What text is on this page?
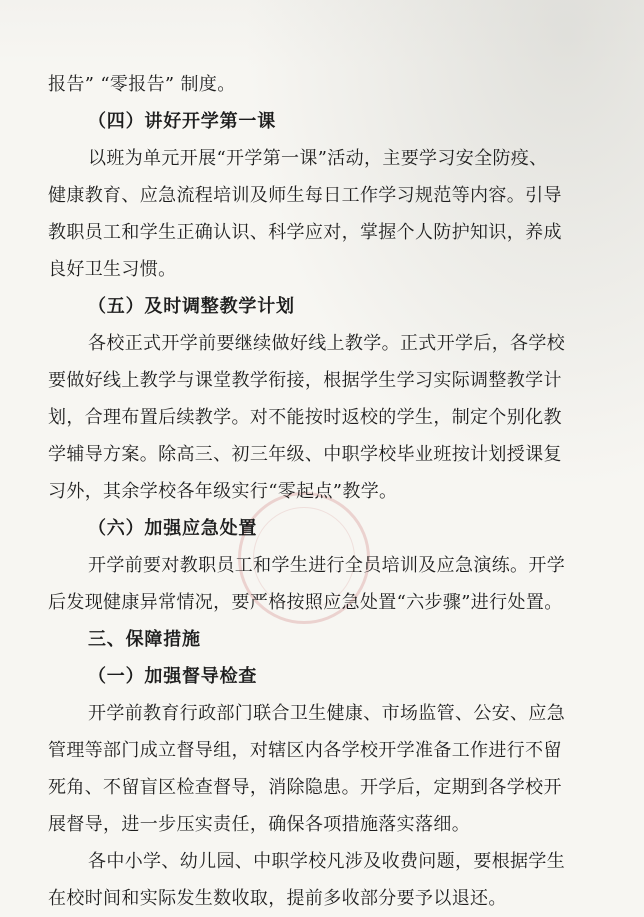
报告” “零报告” 制度。
（四）讲好开学第一课
以班为单元开展“开学第一课”活动，主要学习安全防疫、
健康教育、应急流程培训及师生每日工作学习规范等内容。引导
教职员工和学生正确认识、科学应对，掌握个人防护知识，养成
良好卫生习惯。
（五）及时调整教学计划
各校正式开学前要继续做好线上教学。正式开学后，各学校
要做好线上教学与课堂教学衔接，根据学生学习实际调整教学计
划，合理布置后续教学。对不能按时返校的学生，制定个别化教
学辅导方案。除高三、初三年级、中职学校毕业班按计划授课复
习外，其余学校各年级实行“零起点”教学。
（六）加强应急处置
开学前要对教职员工和学生进行全员培训及应急演练。开学
后发现健康异常情况，要严格按照应急处置“六步骤”进行处置。
三、保障措施
（一）加强督导检查
开学前教育行政部门联合卫生健康、市场监管、公安、应急
管理等部门成立督导组，对辖区内各学校开学准备工作进行不留
死角、不留盲区检查督导，消除隐患。开学后，定期到各学校开
展督导，进一步压实责任，确保各项措施落实落细。
各中小学、幼儿园、中职学校凡涉及收费问题，要根据学生
在校时间和实际发生数收取，提前多收部分要予以退还。
